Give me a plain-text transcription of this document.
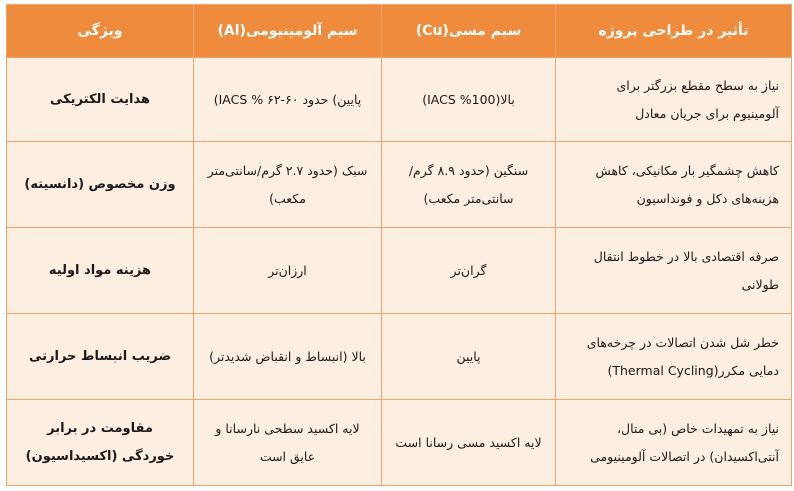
تأثیر در طراحی پروژه	سیم مسی(Cu)	سیم آلومینیومی(Al)	ویژگی
نیاز به سطح مقطع بزرگتر برای آلومینیوم برای جریان معادل	بالا(100% IACS)	پایین) حدود ۶۰-۶۲ % IACS)	هدایت الکتریکی
کاهش چشمگیر بار مکانیکی، کاهش هزینه‌های دکل و فونداسیون	سنگین (حدود ۸.۹ گرم/سانتی‌متر مکعب)	سبک (حدود ۲.۷ گرم/سانتی‌متر مکعب)	وزن مخصوص (دانسیته)
صرفه اقتصادی بالا در خطوط انتقال طولانی	گران‌تر	ارزان‌تر	هزینه مواد اولیه
خطر شل شدن اتصالات در چرخه‌های دمایی مکرر(Thermal Cycling)	پایین	بالا (انبساط و انقباض شدیدتر)	ضریب انبساط حرارتی
نیاز به تمهیدات خاص (بی متال، آنتی‌اکسیدان) در اتصالات آلومینیومی	لایه اکسید مسی رسانا است	لایه اکسید سطحی نارسانا و عایق است	مقاومت در برابر خوردگی (اکسیداسیون)
